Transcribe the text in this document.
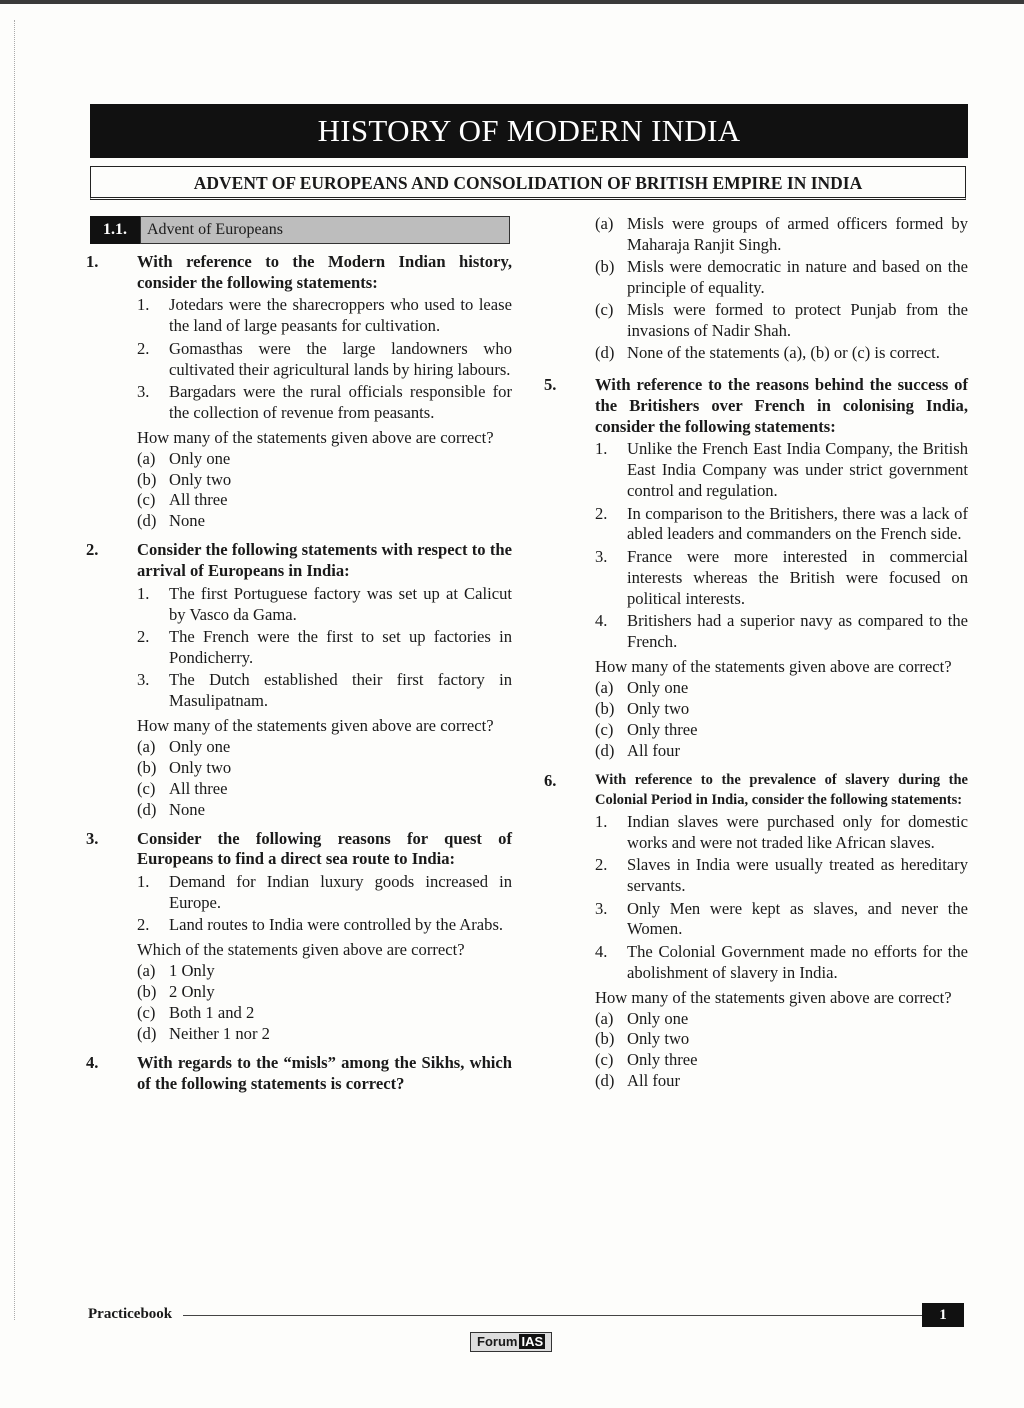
HISTORY OF MODERN INDIA
ADVENT OF EUROPEANS AND CONSOLIDATION OF BRITISH EMPIRE IN INDIA
1.1.	Advent of Europeans
1.	With reference to the Modern Indian history, consider the following statements:
1.	Jotedars were the sharecroppers who used to lease the land of large peasants for cultivation.
2.	Gomasthas were the large landowners who cultivated their agricultural lands by hiring labours.
3.	Bargadars were the rural officials responsible for the collection of revenue from peasants.
How many of the statements given above are correct?
(a) Only one
(b) Only two
(c) All three
(d) None
2.	Consider the following statements with respect to the arrival of Europeans in India:
1.	The first Portuguese factory was set up at Calicut by Vasco da Gama.
2.	The French were the first to set up factories in Pondicherry.
3.	The Dutch established their first factory in Masulipatnam.
How many of the statements given above are correct?
(a) Only one
(b) Only two
(c) All three
(d) None
3.	Consider the following reasons for quest of Europeans to find a direct sea route to India:
1.	Demand for Indian luxury goods increased in Europe.
2.	Land routes to India were controlled by the Arabs.
Which of the statements given above are correct?
(a) 1 Only
(b) 2 Only
(c) Both 1 and 2
(d) Neither 1 nor 2
4.	With regards to the “misls” among the Sikhs, which of the following statements is correct?
(a) Misls were groups of armed officers formed by Maharaja Ranjit Singh.
(b) Misls were democratic in nature and based on the principle of equality.
(c) Misls were formed to protect Punjab from the invasions of Nadir Shah.
(d) None of the statements (a), (b) or (c) is correct.
5.	With reference to the reasons behind the success of the Britishers over French in colonising India, consider the following statements:
1.	Unlike the French East India Company, the British East India Company was under strict government control and regulation.
2.	In comparison to the Britishers, there was a lack of abled leaders and commanders on the French side.
3.	France were more interested in commercial interests whereas the British were focused on political interests.
4.	Britishers had a superior navy as compared to the French.
How many of the statements given above are correct?
(a) Only one
(b) Only two
(c) Only three
(d) All four
6.	With reference to the prevalence of slavery during the Colonial Period in India, consider the following statements:
1.	Indian slaves were purchased only for domestic works and were not traded like African slaves.
2.	Slaves in India were usually treated as hereditary servants.
3.	Only Men were kept as slaves, and never the Women.
4.	The Colonial Government made no efforts for the abolishment of slavery in India.
How many of the statements given above are correct?
(a) Only one
(b) Only two
(c) Only three
(d) All four
Practicebook	1
Forum IAS
